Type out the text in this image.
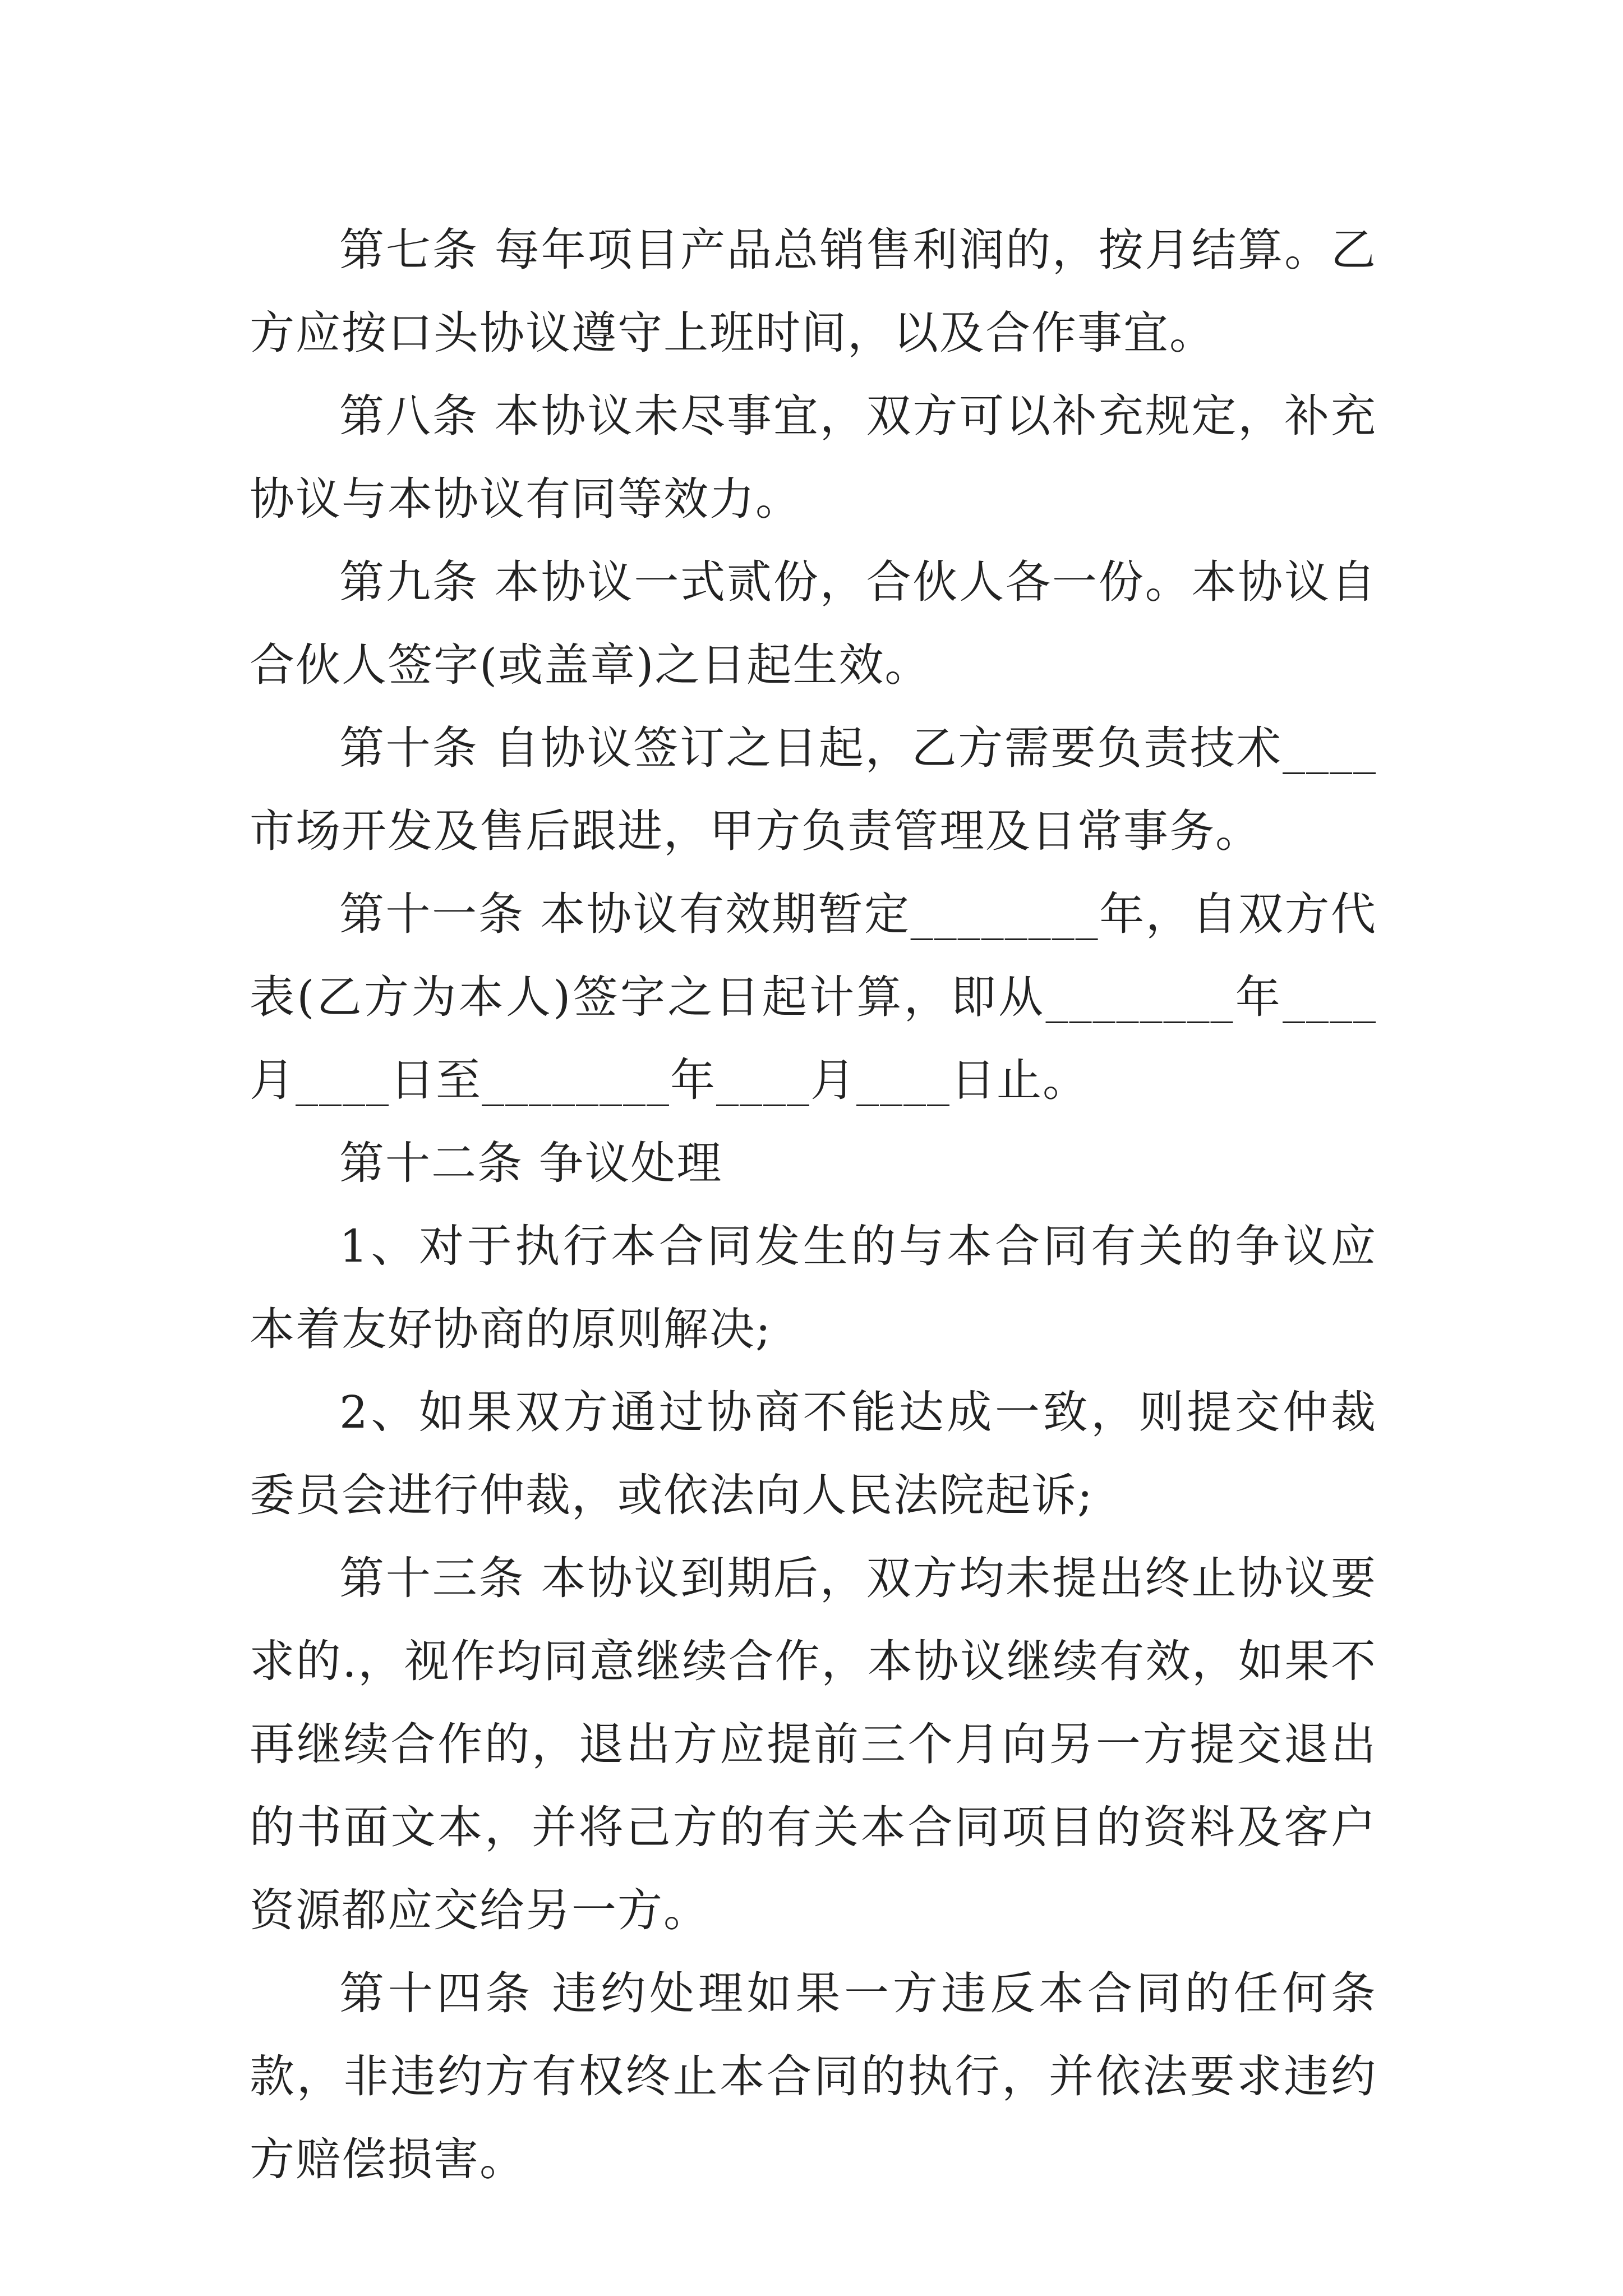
第七条 每年项目产品总销售利润的，按月结算。乙方应按口头协议遵守上班时间，以及合作事宜。

第八条 本协议未尽事宜，双方可以补充规定，补充协议与本协议有同等效力。

第九条 本协议一式贰份，合伙人各一份。本协议自合伙人签字(或盖章)之日起生效。

第十条 自协议签订之日起，乙方需要负责技术____市场开发及售后跟进，甲方负责管理及日常事务。

第十一条 本协议有效期暂定________年，自双方代表(乙方为本人)签字之日起计算，即从________年____月____日至________年____月____日止。

第十二条 争议处理

1、对于执行本合同发生的与本合同有关的争议应本着友好协商的原则解决;

2、如果双方通过协商不能达成一致，则提交仲裁委员会进行仲裁，或依法向人民法院起诉;

第十三条 本协议到期后，双方均未提出终止协议要求的.，视作均同意继续合作，本协议继续有效，如果不再继续合作的，退出方应提前三个月向另一方提交退出的书面文本，并将己方的有关本合同项目的资料及客户资源都应交给另一方。

第十四条 违约处理如果一方违反本合同的任何条款，非违约方有权终止本合同的执行，并依法要求违约方赔偿损害。
